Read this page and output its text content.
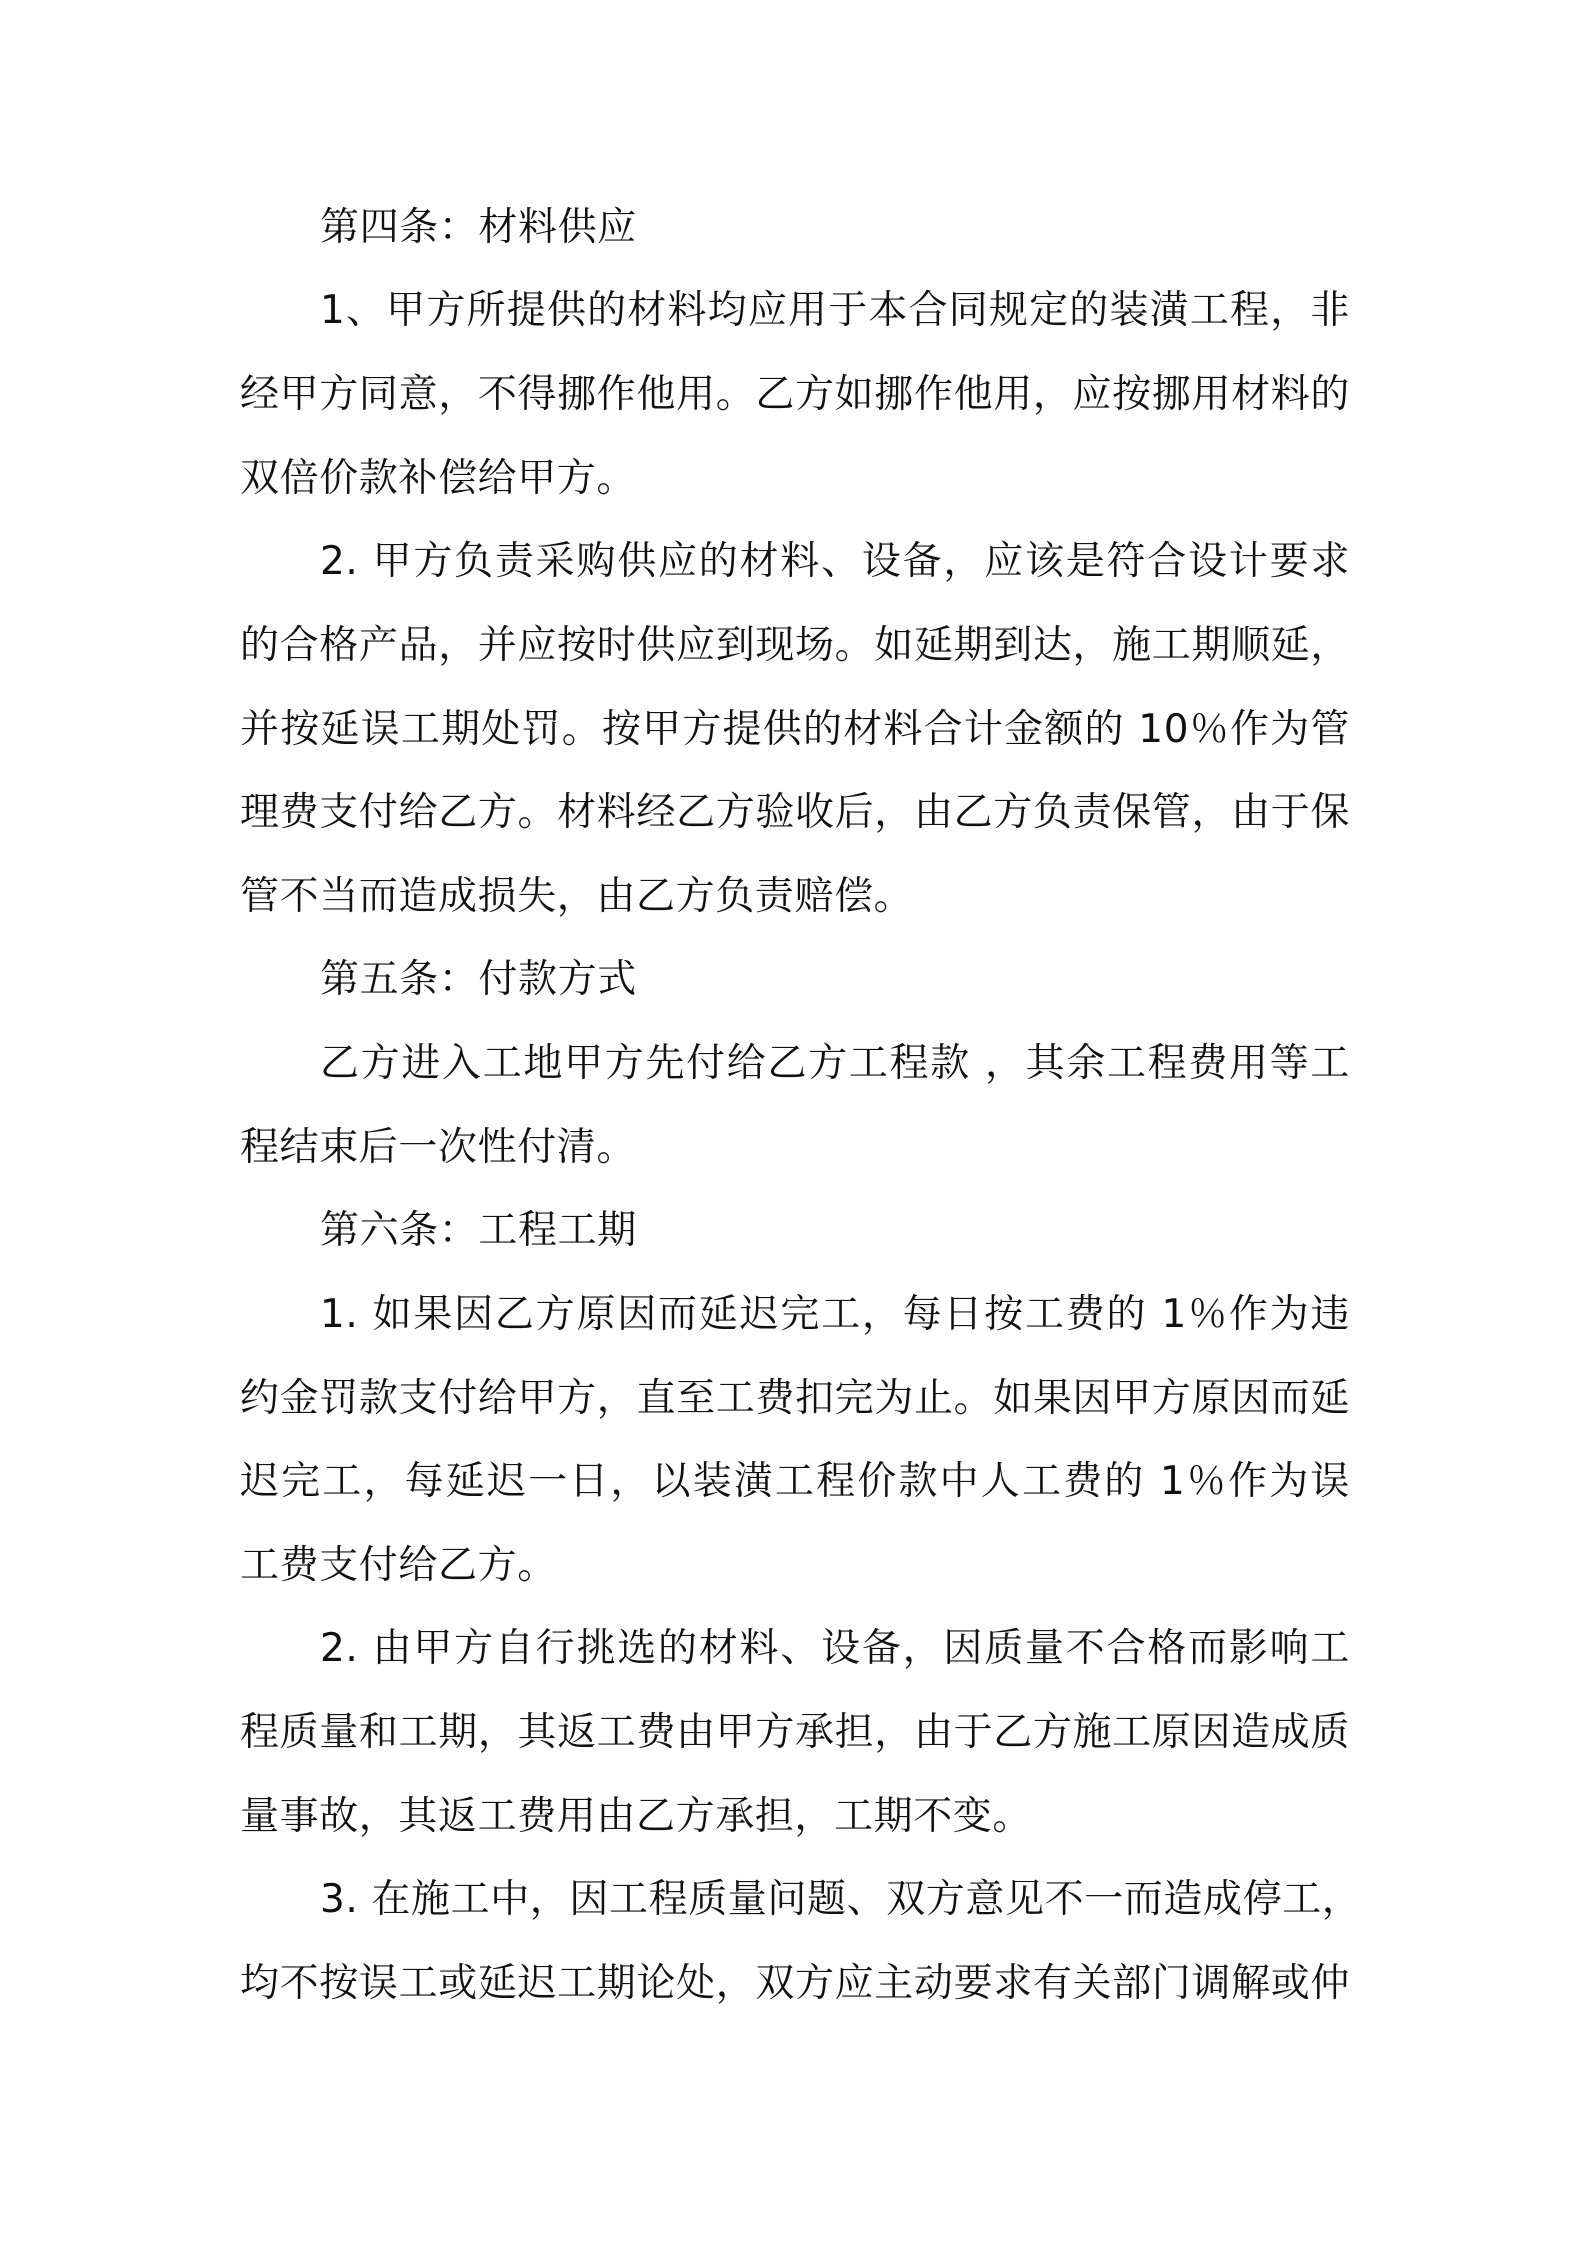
第四条：材料供应
1、甲方所提供的材料均应用于本合同规定的装潢工程，非
经甲方同意，不得挪作他用。乙方如挪作他用，应按挪用材料的
双倍价款补偿给甲方。
2. 甲方负责采购供应的材料、设备，应该是符合设计要求
的合格产品，并应按时供应到现场。如延期到达，施工期顺延，
并按延误工期处罚。按甲方提供的材料合计金额的 10％作为管
理费支付给乙方。材料经乙方验收后，由乙方负责保管，由于保
管不当而造成损失，由乙方负责赔偿。
第五条：付款方式
乙方进入工地甲方先付给乙方工程款 ，其余工程费用等工
程结束后一次性付清。
第六条：工程工期
1. 如果因乙方原因而延迟完工，每日按工费的 1％作为违
约金罚款支付给甲方，直至工费扣完为止。如果因甲方原因而延
迟完工，每延迟一日，以装潢工程价款中人工费的 1％作为误
工费支付给乙方。
2. 由甲方自行挑选的材料、设备，因质量不合格而影响工
程质量和工期，其返工费由甲方承担，由于乙方施工原因造成质
量事故，其返工费用由乙方承担，工期不变。
3. 在施工中，因工程质量问题、双方意见不一而造成停工，
均不按误工或延迟工期论处，双方应主动要求有关部门调解或仲
